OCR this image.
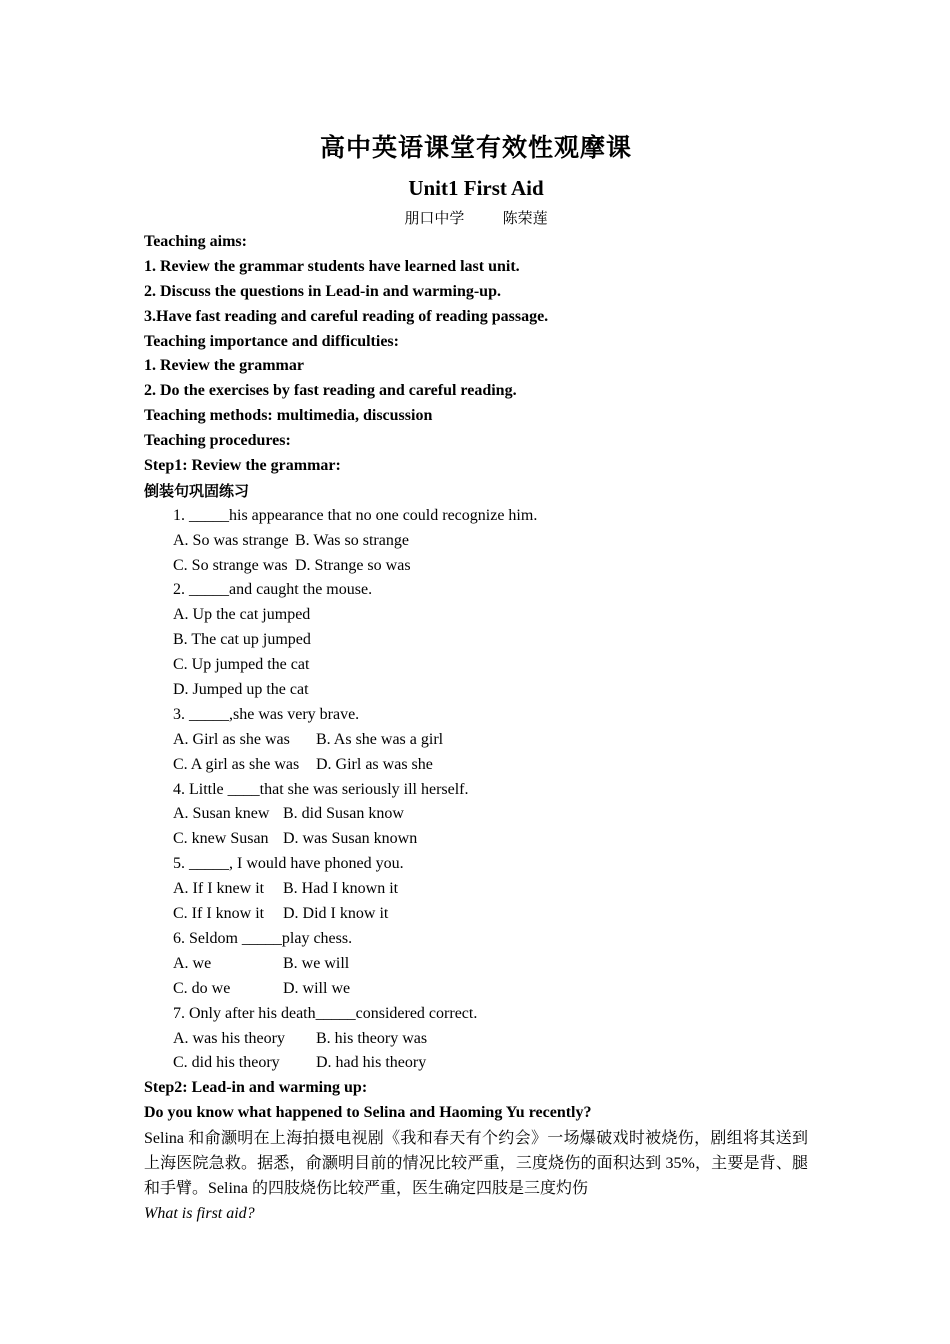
高中英语课堂有效性观摩课
Unit1 First Aid
朋口中学        陈荣莲
Teaching aims:
1. Review the grammar students have learned last unit.
2. Discuss the questions in Lead-in and warming-up.
3.Have fast reading and careful reading of reading passage.
Teaching importance and difficulties:
1. Review the grammar
2. Do the exercises by fast reading and careful reading.
Teaching methods: multimedia, discussion
Teaching procedures:
Step1: Review the grammar:
倒装句巩固练习
1. _____his appearance that no one could recognize him.
A. So was strange B. Was so strange
C. So strange was D. Strange so was
2. _____and caught the mouse.
A. Up the cat jumped
B. The cat up jumped
C. Up jumped the cat
D. Jumped up the cat
3. _____,she was very brave.
A. Girl as she was B. As she was a girl
C. A girl as she was D. Girl as was she
4. Little ____that she was seriously ill herself.
A. Susan knew B. did Susan know
C. knew Susan D. was Susan known
5. _____, I would have phoned you.
A. If I knew it B. Had I known it
C. If I know it D. Did I know it
6. Seldom _____play chess.
A. we	B. we will
C. do we	D. will we
7. Only after his death_____considered correct.
A. was his theory B. his theory was
C. did his theory D. had his theory
Step2: Lead-in and warming up:
Do you know what happened to Selina and Haoming Yu recently?
Selina 和俞灏明在上海拍摄电视剧《我和春天有个约会》一场爆破戏时被烧伤，剧组将其送到上海医院急救。据悉，俞灏明目前的情况比较严重，三度烧伤的面积达到 35%，主要是背、腿和手臂。Selina 的四肢烧伤比较严重，医生确定四肢是三度灼伤
What is first aid?
